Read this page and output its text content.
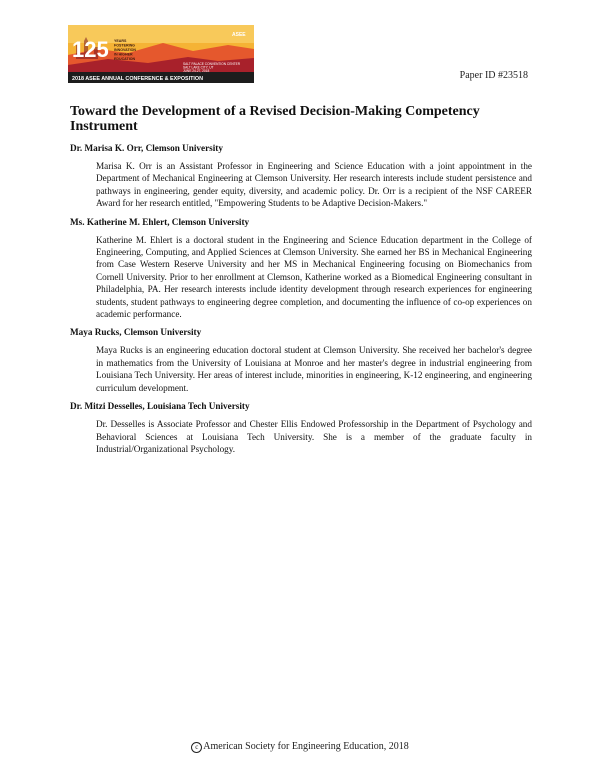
125 YEARS
FOSTERING
INNOVATION
IN HIGHER
EDUCATION
ASEE
SALT PALACE CONVENTION CENTER
SALT LAKE CITY, UT
JUNE 24-27, 2018
2018 ASEE ANNUAL CONFERENCE & EXPOSITION	Paper ID #23518
Toward the Development of a Revised Decision-Making Competency Instrument

Dr. Marisa K. Orr, Clemson University

Marisa K. Orr is an Assistant Professor in Engineering and Science Education with a joint appointment in the Department of Mechanical Engineering at Clemson University. Her research interests include student persistence and pathways in engineering, gender equity, diversity, and academic policy. Dr. Orr is a recipient of the NSF CAREER Award for her research entitled, "Empowering Students to be Adaptive Decision-Makers."

Ms. Katherine M. Ehlert, Clemson University

Katherine M. Ehlert is a doctoral student in the Engineering and Science Education department in the College of Engineering, Computing, and Applied Sciences at Clemson University. She earned her BS in Mechanical Engineering from Case Western Reserve University and her MS in Mechanical Engineering focusing on Biomechanics from Cornell University. Prior to her enrollment at Clemson, Katherine worked as a Biomedical Engineering consultant in Philadelphia, PA. Her research interests include identity development through research experiences for engineering students, student pathways to engineering degree completion, and documenting the influence of co-op experiences on academic performance.

Maya Rucks, Clemson University

Maya Rucks is an engineering education doctoral student at Clemson University. She received her bachelor's degree in mathematics from the University of Louisiana at Monroe and her master's degree in industrial engineering from Louisiana Tech University. Her areas of interest include, minorities in engineering, K-12 engineering, and engineering curriculum development.

Dr. Mitzi Desselles, Louisiana Tech University

Dr. Desselles is Associate Professor and Chester Ellis Endowed Professorship in the Department of Psychology and Behavioral Sciences at Louisiana Tech University. She is a member of the graduate faculty in Industrial/Organizational Psychology.

c American Society for Engineering Education, 2018
